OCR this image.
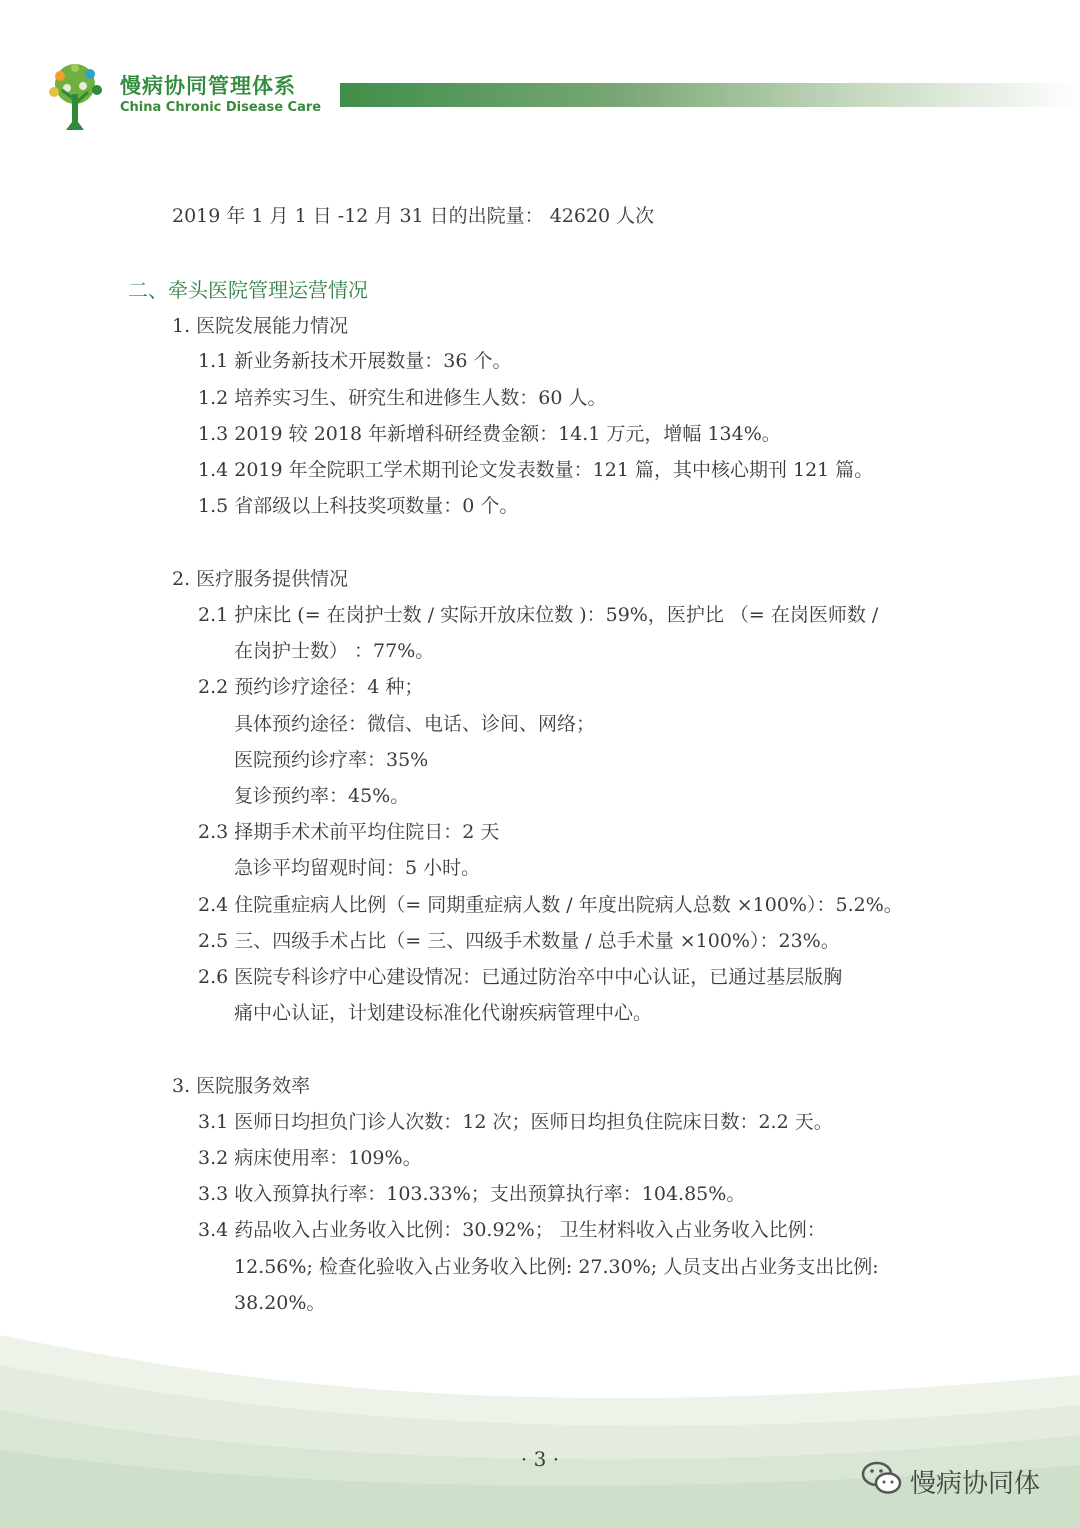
慢病协同管理体系
China Chronic Disease Care
2019 年 1 月 1 日 -12 月 31 日的出院量： 42620 人次
二、牵头医院管理运营情况
1. 医院发展能力情况
1.1 新业务新技术开展数量：36 个。
1.2 培养实习生、研究生和进修生人数：60 人。
1.3 2019 较 2018 年新增科研经费金额：14.1 万元，增幅 134%。
1.4 2019 年全院职工学术期刊论文发表数量：121 篇，其中核心期刊 121 篇。
1.5 省部级以上科技奖项数量：0 个。
2. 医疗服务提供情况
2.1 护床比 (= 在岗护士数 / 实际开放床位数 )：59%，医护比 （= 在岗医师数 /
在岗护士数） ：77%。
2.2 预约诊疗途径：4 种；
具体预约途径：微信、电话、诊间、网络；
医院预约诊疗率：35%
复诊预约率：45%。
2.3 择期手术术前平均住院日：2 天
急诊平均留观时间：5 小时。
2.4 住院重症病人比例（= 同期重症病人数 / 年度出院病人总数 ×100%）：5.2%。
2.5 三、四级手术占比（= 三、四级手术数量 / 总手术量 ×100%）：23%。
2.6 医院专科诊疗中心建设情况：已通过防治卒中中心认证，已通过基层版胸
痛中心认证，计划建设标准化代谢疾病管理中心。
3. 医院服务效率
3.1 医师日均担负门诊人次数：12 次；医师日均担负住院床日数：2.2 天。
3.2 病床使用率：109%。
3.3 收入预算执行率：103.33%；支出预算执行率：104.85%。
3.4 药品收入占业务收入比例：30.92%； 卫生材料收入占业务收入比例：
12.56%; 检查化验收入占业务收入比例: 27.30%; 人员支出占业务支出比例:
38.20%。
· 3 ·
慢病协同体
